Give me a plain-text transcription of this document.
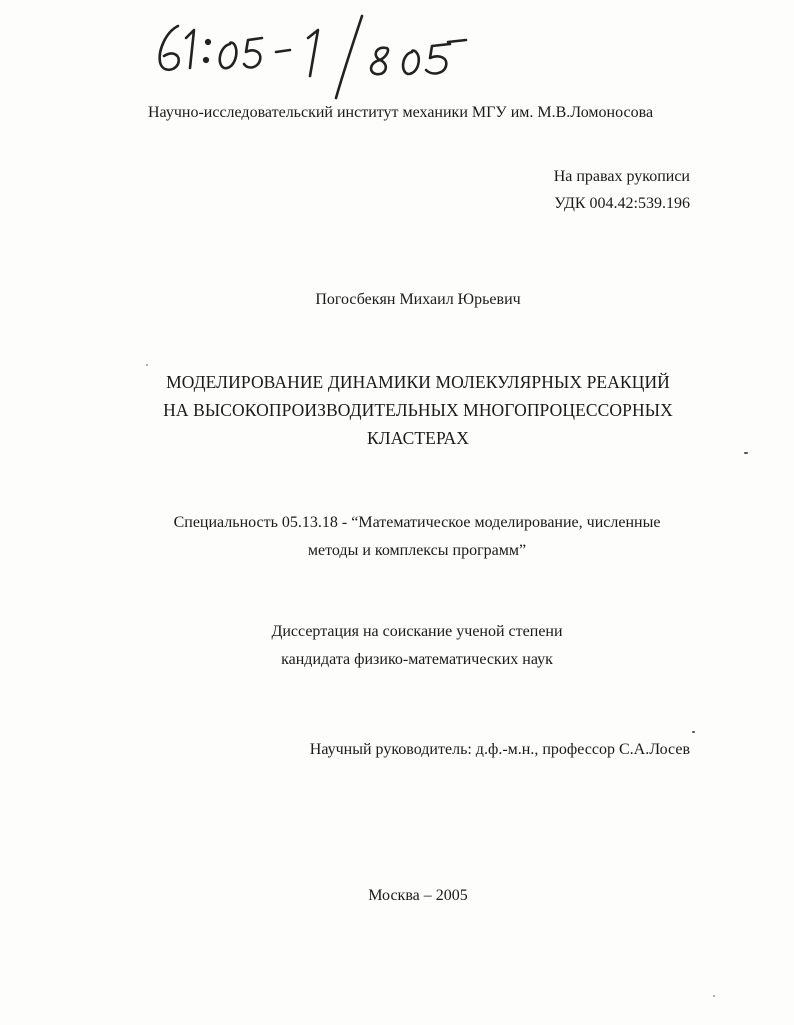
Научно-исследовательский институт механики МГУ им. М.В.Ломоносова
На правах рукописи
УДК 004.42:539.196
Погосбекян Михаил Юрьевич
МОДЕЛИРОВАНИЕ ДИНАМИКИ МОЛЕКУЛЯРНЫХ РЕАКЦИЙ
НА ВЫСОКОПРОИЗВОДИТЕЛЬНЫХ МНОГОПРОЦЕССОРНЫХ
КЛАСТЕРАХ
Специальность 05.13.18 - “Математическое моделирование, численные
методы и комплексы программ”
Диссертация на соискание ученой степени
кандидата физико-математических наук
Научный руководитель: д.ф.-м.н., профессор С.А.Лосев
Москва – 2005
